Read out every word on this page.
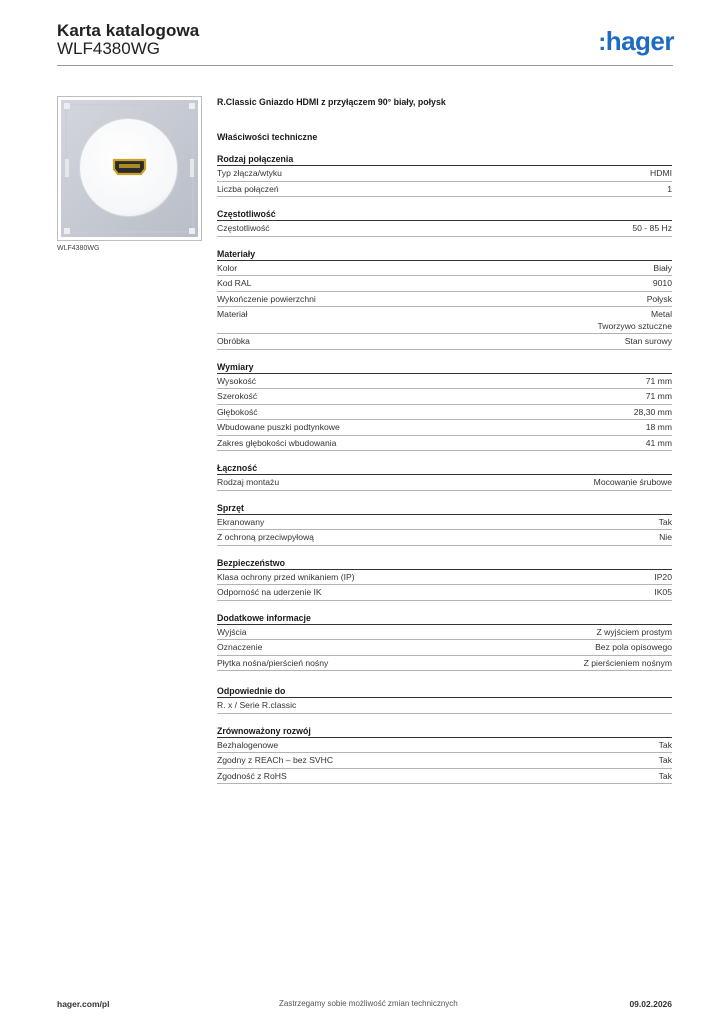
Karta katalogowa
WLF4380WG	:hager
WLF4380WG
R.Classic Gniazdo HDMI z przyłączem 90° biały, połysk
Właściwości techniczne
Rodzaj połączenia
Typ złącza/wtyku	HDMI
Liczba połączeń	1
Częstotliwość
Częstotliwość	50 - 85 Hz
Materiały
Kolor	Biały
Kod RAL	9010
Wykończenie powierzchni	Połysk
Materiał	Metal
Tworzywo sztuczne
Obróbka	Stan surowy
Wymiary
Wysokość	71 mm
Szerokość	71 mm
Głębokość	28,30 mm
Wbudowane puszki podtynkowe	18 mm
Zakres głębokości wbudowania	41 mm
Łączność
Rodzaj montażu	Mocowanie śrubowe
Sprzęt
Ekranowany	Tak
Z ochroną przeciwpyłową	Nie
Bezpieczeństwo
Klasa ochrony przed wnikaniem (IP)	IP20
Odporność na uderzenie IK	IK05
Dodatkowe informacje
Wyjścia	Z wyjściem prostym
Oznaczenie	Bez pola opisowego
Płytka nośna/pierścień nośny	Z pierścieniem nośnym
Odpowiednie do
R. x / Serie R.classic
Zrównoważony rozwój
Bezhalogenowe	Tak
Zgodny z REACh – bez SVHC	Tak
Zgodność z RoHS	Tak
hager.com/pl	Zastrzegamy sobie możliwość zmian technicznych	09.02.2026
